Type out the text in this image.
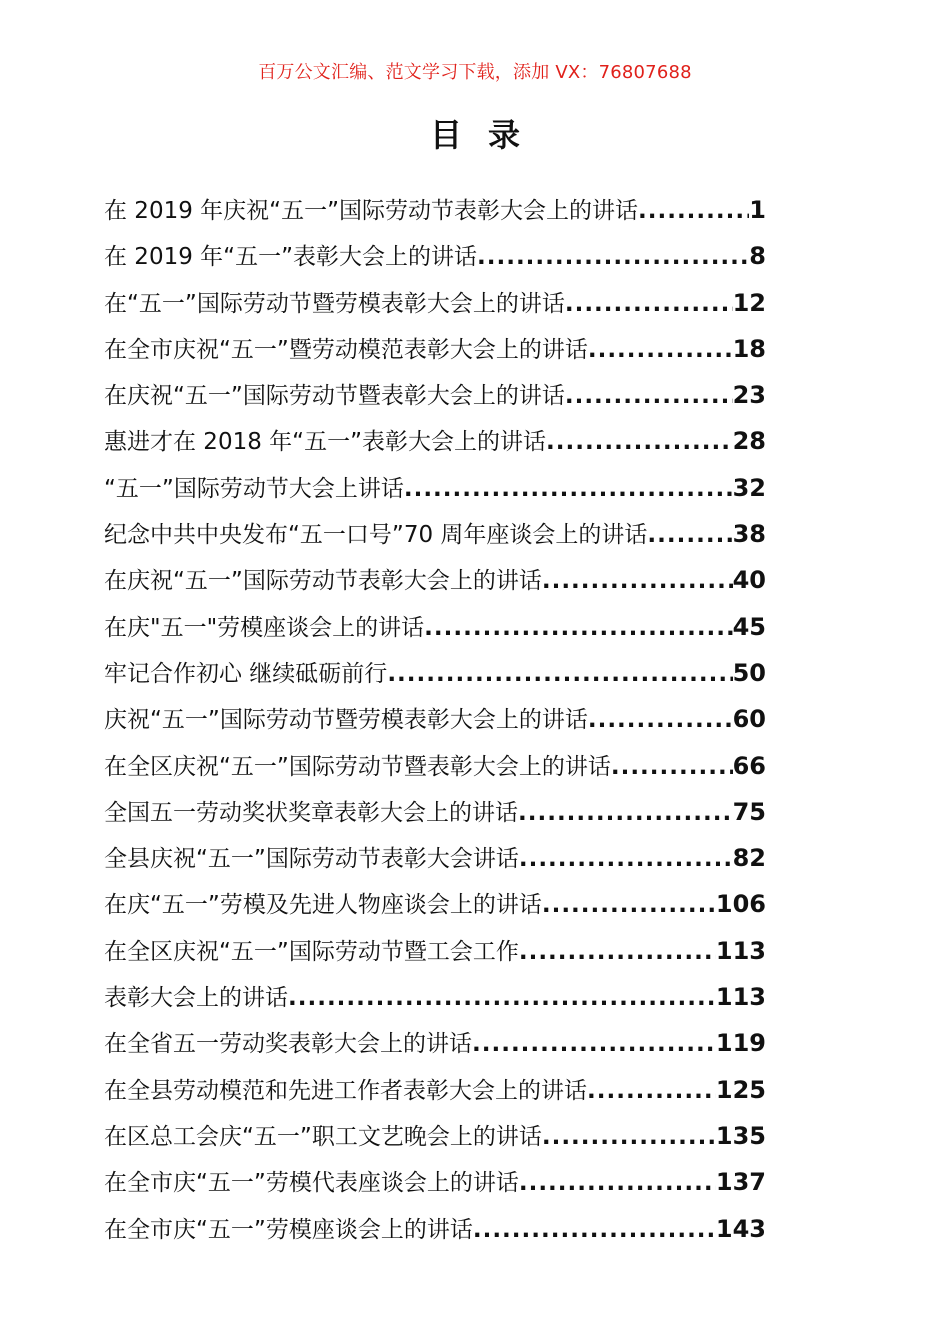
百万公文汇编、范文学习下载，添加 VX：76807688
目录
在 2019 年庆祝“五一”国际劳动节表彰大会上的讲话 .....	1
在 2019 年“五一”表彰大会上的讲话 .....	8
在“五一”国际劳动节暨劳模表彰大会上的讲话 .....	12
在全市庆祝“五一”暨劳动模范表彰大会上的讲话 .....	18
在庆祝“五一”国际劳动节暨表彰大会上的讲话 .....	23
惠进才在 2018 年“五一”表彰大会上的讲话 .....	28
“五一”国际劳动节大会上讲话 .....	32
纪念中共中央发布“五一口号”70 周年座谈会上的讲话 .....	38
在庆祝“五一”国际劳动节表彰大会上的讲话 .....	40
在庆"五一"劳模座谈会上的讲话 .....	45
牢记合作初心 继续砥砺前行 .....	50
庆祝“五一”国际劳动节暨劳模表彰大会上的讲话 .....	60
在全区庆祝“五一”国际劳动节暨表彰大会上的讲话 .....	66
全国五一劳动奖状奖章表彰大会上的讲话 .....	75
全县庆祝“五一”国际劳动节表彰大会讲话 .....	82
在庆“五一”劳模及先进人物座谈会上的讲话 .....	106
在全区庆祝“五一”国际劳动节暨工会工作 .....	113
表彰大会上的讲话 .....	113
在全省五一劳动奖表彰大会上的讲话 .....	119
在全县劳动模范和先进工作者表彰大会上的讲话 .....	125
在区总工会庆“五一”职工文艺晚会上的讲话 .....	135
在全市庆“五一”劳模代表座谈会上的讲话 .....	137
在全市庆“五一”劳模座谈会上的讲话 .....	143
